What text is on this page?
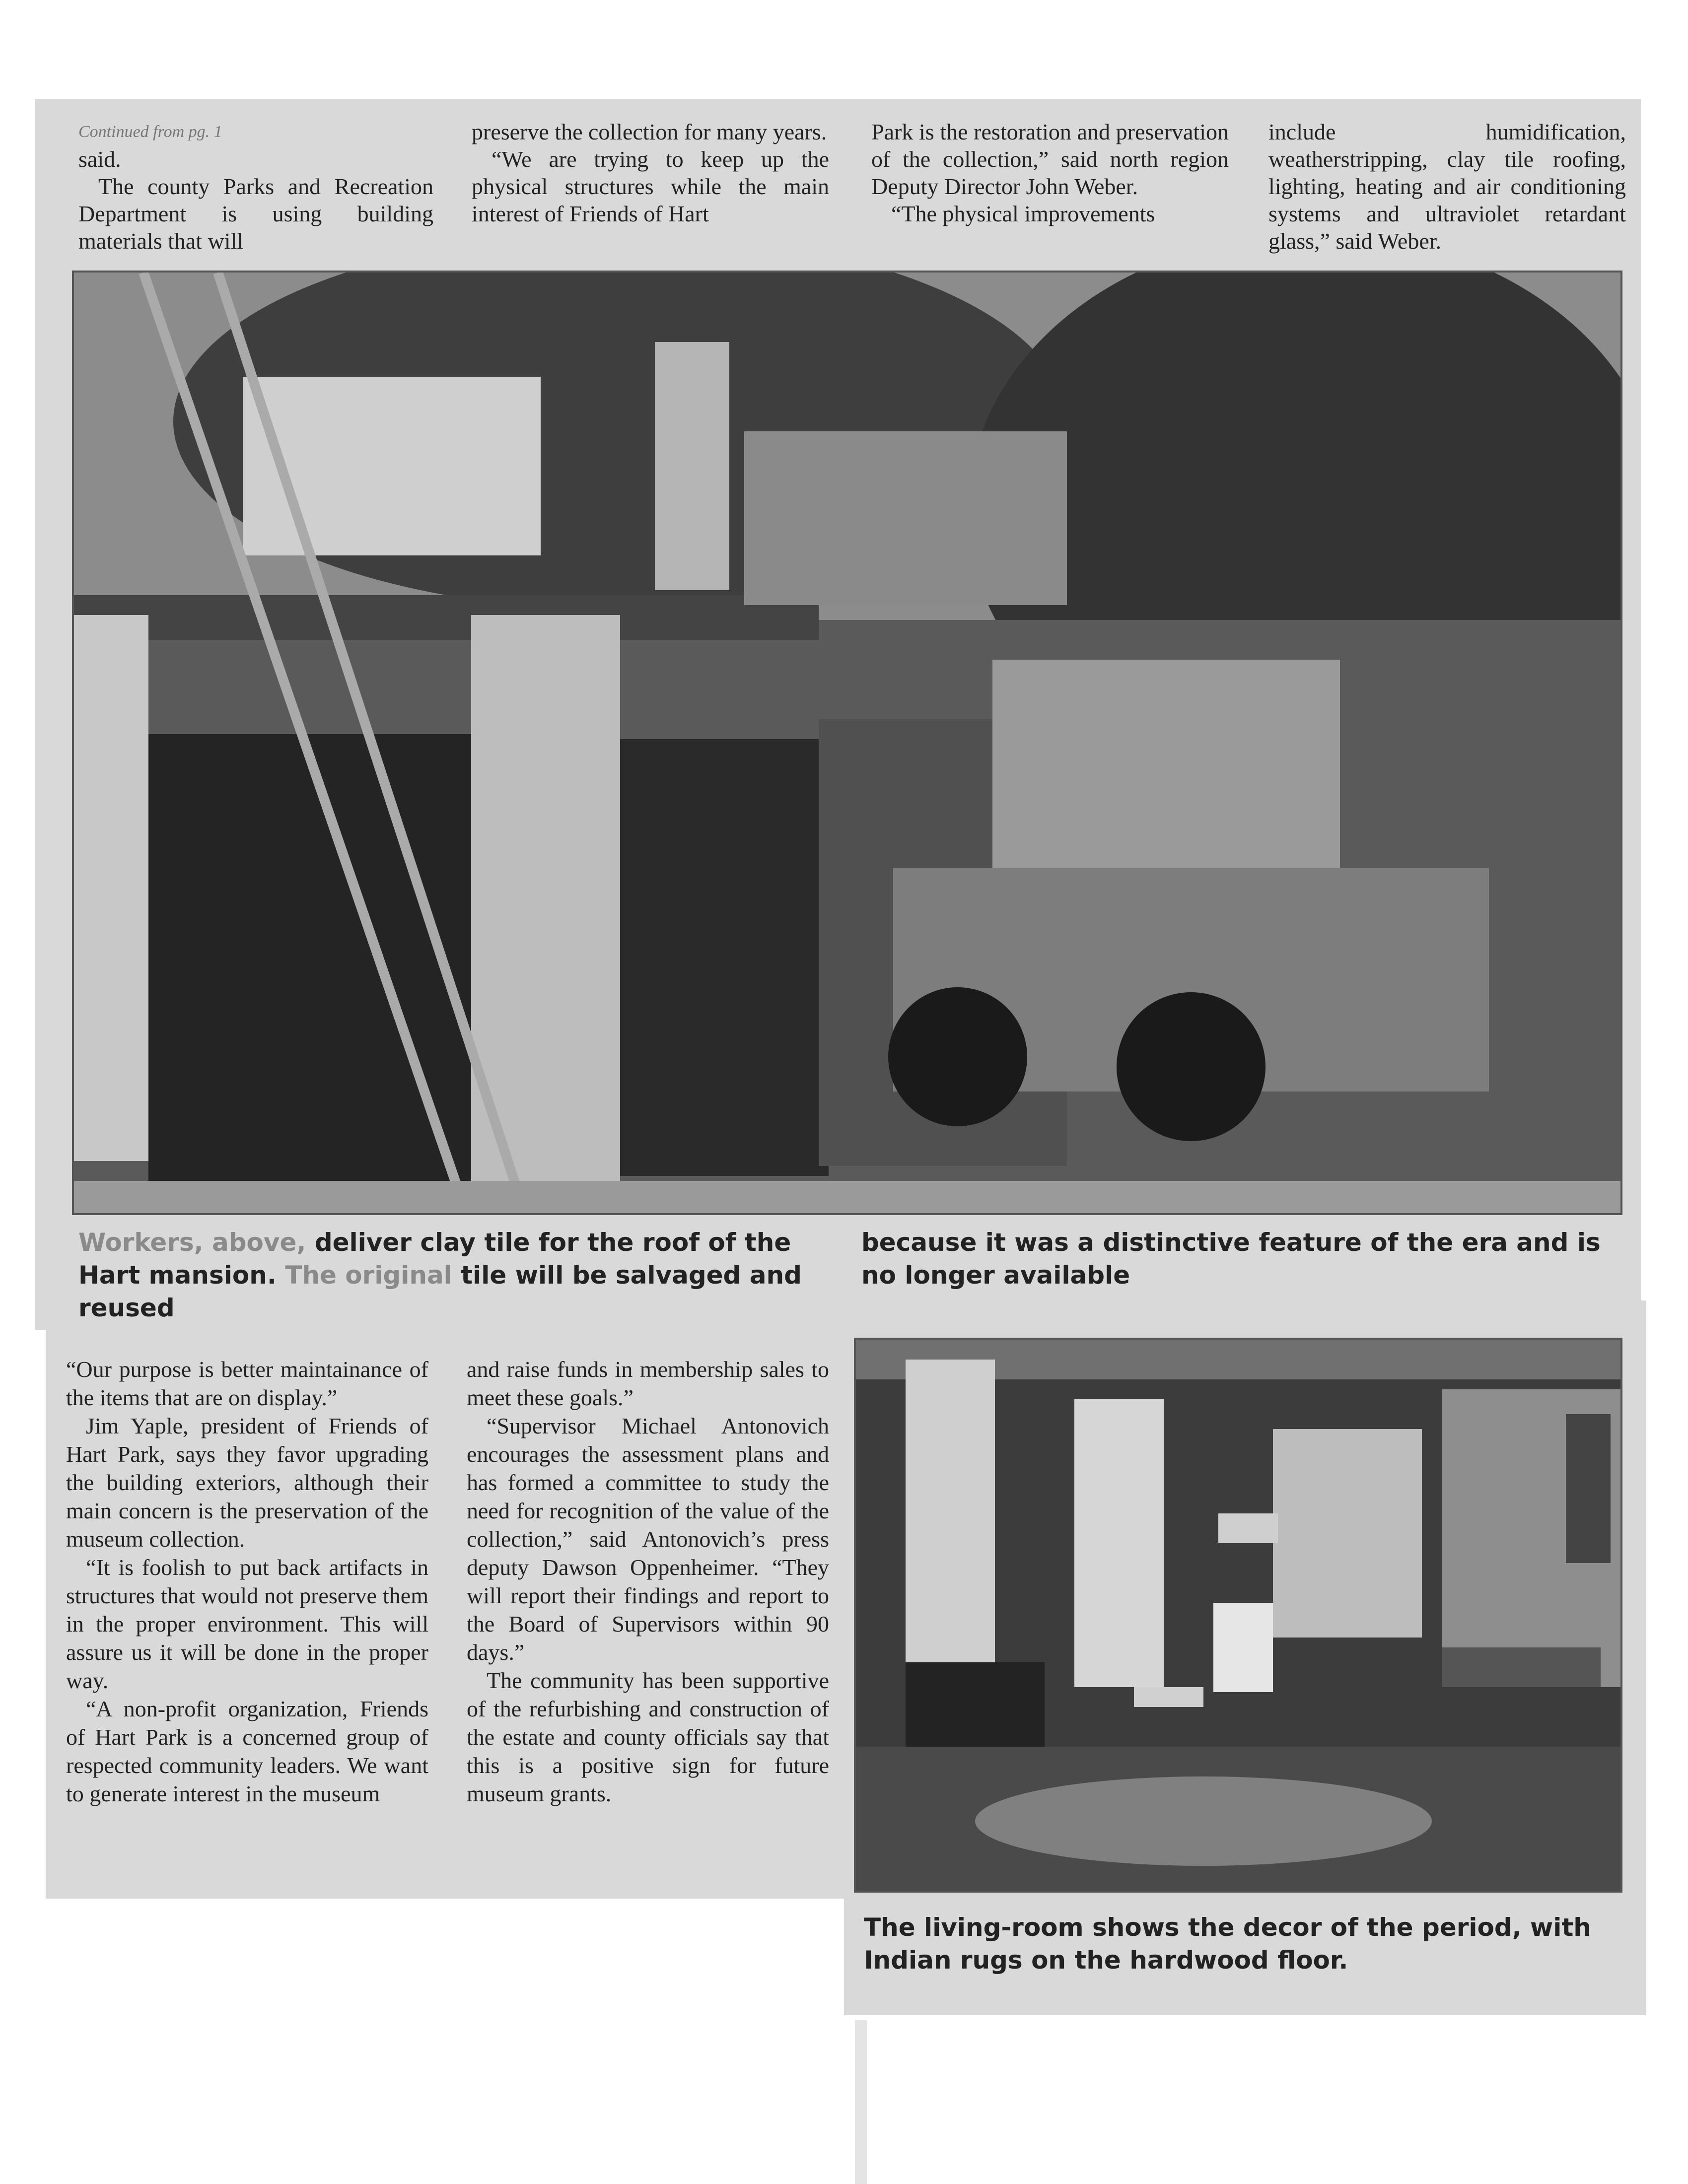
Continued from pg. 1

said.

The county Parks and Recreation Department is using building materials that will

preserve the collection for many years.

“We are trying to keep up the physical structures while the main interest of Friends of Hart

Park is the restoration and preservation of the collection,” said north region Deputy Director John Weber.

“The physical improvements

include humidification, weatherstripping, clay tile roofing, lighting, heating and air conditioning systems and ultraviolet retardant glass,” said Weber.

Workers, above, deliver clay tile for the roof of the Hart mansion. The original tile will be salvaged and reused
because it was a distinctive feature of the era and is no longer available

“Our purpose is better maintainance of the items that are on display.”

Jim Yaple, president of Friends of Hart Park, says they favor upgrading the building exteriors, although their main concern is the preservation of the museum collection.

“It is foolish to put back artifacts in structures that would not preserve them in the proper environment. This will assure us it will be done in the proper way.

“A non-profit organization, Friends of Hart Park is a concerned group of respected community leaders. We want to generate interest in the museum

and raise funds in membership sales to meet these goals.”

“Supervisor Michael Antonovich encourages the assessment plans and has formed a committee to study the need for recognition of the value of the collection,” said Antonovich’s press deputy Dawson Oppenheimer. “They will report their findings and report to the Board of Supervisors within 90 days.”

The community has been supportive of the refurbishing and construction of the estate and county officials say that this is a positive sign for future museum grants.

The living-room shows the decor of the period, with Indian rugs on the hardwood floor.
